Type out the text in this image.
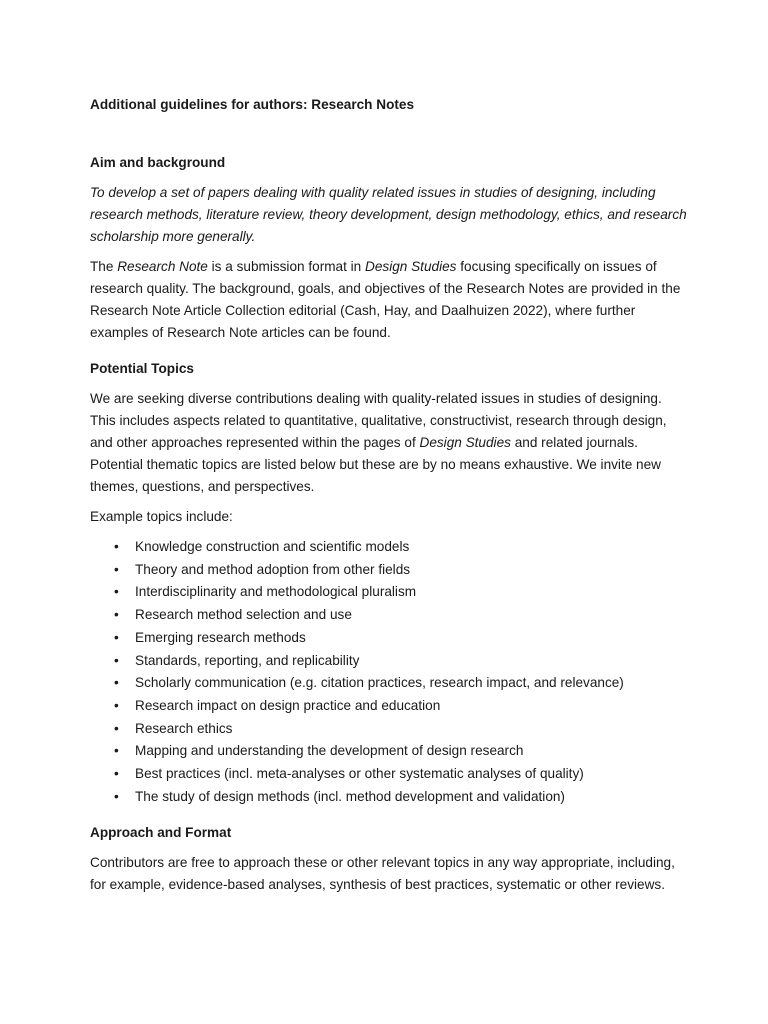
Additional guidelines for authors: Research Notes
Aim and background

To develop a set of papers dealing with quality related issues in studies of designing, including research methods, literature review, theory development, design methodology, ethics, and research scholarship more generally.

The Research Note is a submission format in Design Studies focusing specifically on issues of research quality. The background, goals, and objectives of the Research Notes are provided in the Research Note Article Collection editorial (Cash, Hay, and Daalhuizen 2022), where further examples of Research Note articles can be found.

Potential Topics

We are seeking diverse contributions dealing with quality-related issues in studies of designing. This includes aspects related to quantitative, qualitative, constructivist, research through design, and other approaches represented within the pages of Design Studies and related journals. Potential thematic topics are listed below but these are by no means exhaustive. We invite new themes, questions, and perspectives.

Example topics include:

• Knowledge construction and scientific models
• Theory and method adoption from other fields
• Interdisciplinarity and methodological pluralism
• Research method selection and use
• Emerging research methods
• Standards, reporting, and replicability
• Scholarly communication (e.g. citation practices, research impact, and relevance)
• Research impact on design practice and education
• Research ethics
• Mapping and understanding the development of design research
• Best practices (incl. meta-analyses or other systematic analyses of quality)
• The study of design methods (incl. method development and validation)
Approach and Format

Contributors are free to approach these or other relevant topics in any way appropriate, including, for example, evidence-based analyses, synthesis of best practices, systematic or other reviews.
